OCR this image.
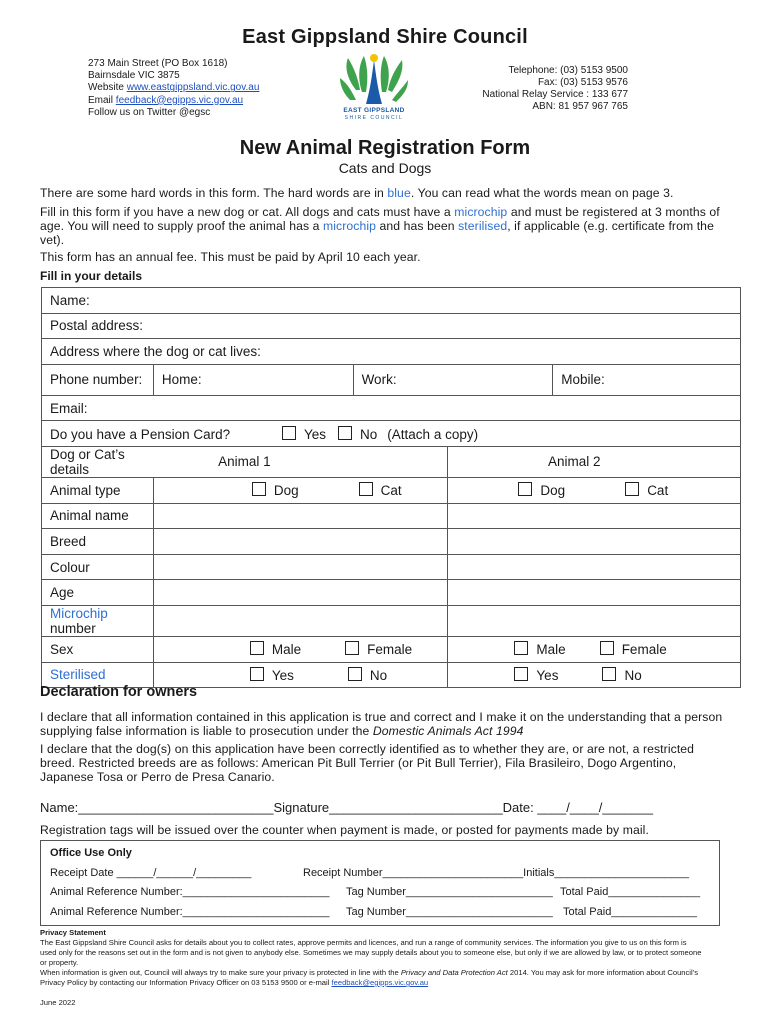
East Gippsland Shire Council
273 Main Street (PO Box 1618)
Bairnsdale VIC 3875
Website www.eastgippsland.vic.gov.au
Email feedback@egipps.vic.gov.au
Follow us on Twitter @egsc	EAST GIPPSLAND
SHIRE COUNCIL
Telephone: (03) 5153 9500
Fax: (03) 5153 9576
National Relay Service : 133 677
ABN: 81 957 967 765
New Animal Registration Form
Cats and Dogs
There are some hard words in this form. The hard words are in blue. You can read what the words mean on page 3.
Fill in this form if you have a new dog or cat. All dogs and cats must have a microchip and must be registered at 3 months of age. You will need to supply proof the animal has a microchip and has been sterilised, if applicable (e.g. certificate from the vet).
This form has an annual fee. This must be paid by April 10 each year.
Fill in your details
Name:				
Postal address:				
Address where the dog or cat lives:				
Phone number:	Home:	Work:		Mobile:
Email:				
Do you have a Pension Card? Yes No (Attach a copy)				
Dog or Cat’s details	Animal 1		Animal 2	
Animal type	Dog Cat		Dog Cat	
Animal name				
Breed				
Colour				
Age				
Microchip number				
Sex	Male Female		Male Female	
Sterilised	Yes No		Yes No	
Declaration for owners
I declare that all information contained in this application is true and correct and I make it on the understanding that a person supplying false information is liable to prosecution under the Domestic Animals Act 1994
I declare that the dog(s) on this application have been correctly identified as to whether they are, or are not, a restricted breed. Restricted breeds are as follows: American Pit Bull Terrier (or Pit Bull Terrier), Fila Brasileiro, Dogo Argentino, Japanese Tosa or Perro de Presa Canario.
Name:___________________________Signature________________________Date: ____/____/_______
Registration tags will be issued over the counter when payment is made, or posted for payments made by mail.
Office Use Only
Receipt Date ______/______/_________	Receipt Number_______________________Initials______________________
Animal Reference Number:________________________ Tag Number________________________ Total Paid_______________
Animal Reference Number:________________________ Tag Number________________________ Total Paid______________
Privacy Statement
The East Gippsland Shire Council asks for details about you to collect rates, approve permits and licences, and run a range of community services. The information you give to us on this form is used only for the reasons set out in the form and is not given to anybody else. Sometimes we may supply details about you to someone else, but only if we are allowed by law, or to protect someone or property.
When information is given out, Council will always try to make sure your privacy is protected in line with the Privacy and Data Protection Act 2014. You may ask for more information about Council’s Privacy Policy by contacting our Information Privacy Officer on 03 5153 9500 or e-mail feedback@egipps.vic.gov.au
June 2022
